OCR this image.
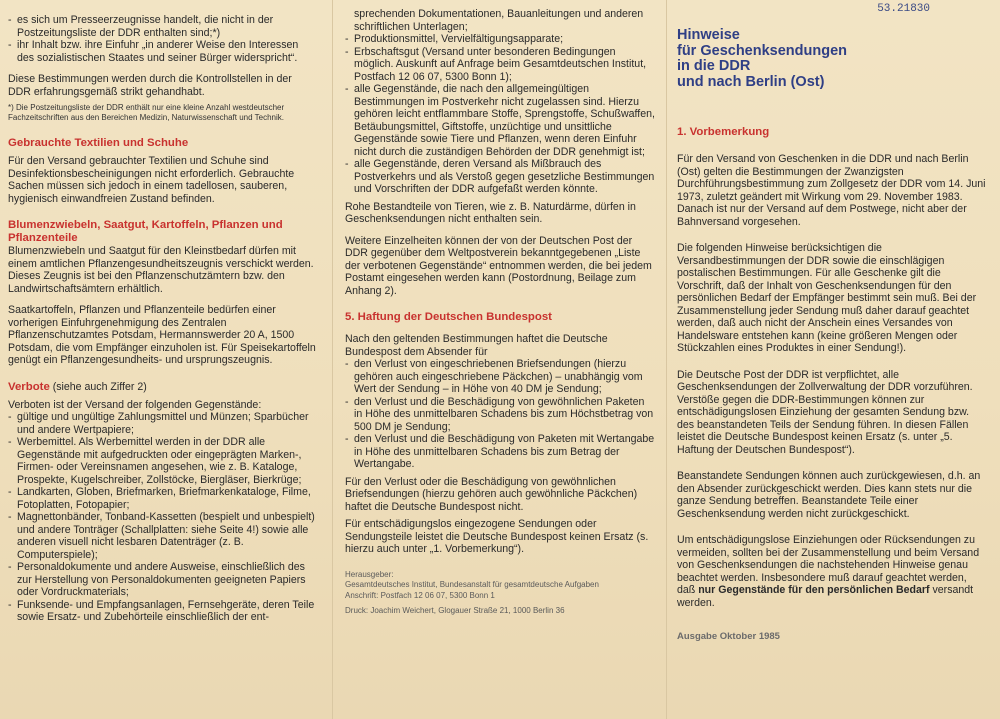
- es sich um Presseerzeugnisse handelt, die nicht in der Postzeitungsliste der DDR enthalten sind;*)
- ihr Inhalt bzw. ihre Einfuhr „in anderer Weise den Interessen des sozialistischen Staates und seiner Bürger widerspricht“.

Diese Bestimmungen werden durch die Kontrollstellen in der DDR erfahrungsgemäß strikt gehandhabt.

*) Die Postzeitungsliste der DDR enthält nur eine kleine Anzahl westdeutscher Fachzeitschriften aus den Bereichen Medizin, Naturwissenschaft und Technik.

Gebrauchte Textilien und Schuhe

Für den Versand gebrauchter Textilien und Schuhe sind Desinfektionsbescheinigungen nicht erforderlich. Gebrauchte Sachen müssen sich jedoch in einem tadellosen, sauberen, hygienisch einwandfreien Zustand befinden.

Blumenzwiebeln, Saatgut, Kartoffeln, Pflanzen und Pflanzenteile

Blumenzwiebeln und Saatgut für den Kleinstbedarf dürfen mit einem amtlichen Pflanzengesundheitszeugnis verschickt werden. Dieses Zeugnis ist bei den Pflanzenschutzämtern bzw. den Landwirtschaftsämtern erhältlich.

Saatkartoffeln, Pflanzen und Pflanzenteile bedürfen einer vorherigen Einfuhrgenehmigung des Zentralen Pflanzenschutzamtes Potsdam, Hermannswerder 20 A, 1500 Potsdam, die vom Empfänger einzuholen ist. Für Speisekartoffeln genügt ein Pflanzengesundheits- und ursprungszeugnis.

Verbote (siehe auch Ziffer 2)

Verboten ist der Versand der folgenden Gegenstände:

- gültige und ungültige Zahlungsmittel und Münzen; Sparbücher und andere Wertpapiere;
- Werbemittel. Als Werbemittel werden in der DDR alle Gegenstände mit aufgedruckten oder eingeprägten Marken-, Firmen- oder Vereinsnamen angesehen, wie z. B. Kataloge, Prospekte, Kugelschreiber, Zollstöcke, Biergläser, Bierkrüge;
- Landkarten, Globen, Briefmarken, Briefmarkenkataloge, Filme, Fotoplatten, Fotopapier;
- Magnettonbänder, Tonband-Kassetten (bespielt und unbespielt) und andere Tonträger (Schallplatten: siehe Seite 4!) sowie alle anderen visuell nicht lesbaren Datenträger (z. B. Computerspiele);
- Personaldokumente und andere Ausweise, einschließlich des zur Herstellung von Personaldokumenten geeigneten Papiers oder Vordruckmaterials;
- Funksende- und Empfangsanlagen, Fernsehgeräte, deren Teile sowie Ersatz- und Zubehörteile einschließlich der ent-

sprechenden Dokumentationen, Bauanleitungen und anderen schriftlichen Unterlagen;

- Produktionsmittel, Vervielfältigungsapparate;
- Erbschaftsgut (Versand unter besonderen Bedingungen möglich. Auskunft auf Anfrage beim Gesamtdeutschen Institut, Postfach 12 06 07, 5300 Bonn 1);
- alle Gegenstände, die nach den allgemeingültigen Bestimmungen im Postverkehr nicht zugelassen sind. Hierzu gehören leicht entflammbare Stoffe, Sprengstoffe, Schußwaffen, Betäubungsmittel, Giftstoffe, unzüchtige und unsittliche Gegenstände sowie Tiere und Pflanzen, wenn deren Einfuhr nicht durch die zuständigen Behörden der DDR genehmigt ist;
- alle Gegenstände, deren Versand als Mißbrauch des Postverkehrs und als Verstoß gegen gesetzliche Bestimmungen und Vorschriften der DDR aufgefaßt werden könnte.

Rohe Bestandteile von Tieren, wie z. B. Naturdärme, dürfen in Geschenksendungen nicht enthalten sein.

Weitere Einzelheiten können der von der Deutschen Post der DDR gegenüber dem Weltpostverein bekanntgegebenen „Liste der verbotenen Gegenstände“ entnommen werden, die bei jedem Postamt eingesehen werden kann (Postordnung, Beilage zum Anhang 2).

5. Haftung der Deutschen Bundespost

Nach den geltenden Bestimmungen haftet die Deutsche Bundespost dem Absender für

- den Verlust von eingeschriebenen Briefsendungen (hierzu gehören auch eingeschriebene Päckchen) – unabhängig vom Wert der Sendung – in Höhe von 40 DM je Sendung;
- den Verlust und die Beschädigung von gewöhnlichen Paketen in Höhe des unmittelbaren Schadens bis zum Höchstbetrag von 500 DM je Sendung;
- den Verlust und die Beschädigung von Paketen mit Wertangabe in Höhe des unmittelbaren Schadens bis zum Betrag der Wertangabe.

Für den Verlust oder die Beschädigung von gewöhnlichen Briefsendungen (hierzu gehören auch gewöhnliche Päckchen) haftet die Deutsche Bundespost nicht.

Für entschädigungslos eingezogene Sendungen oder Sendungsteile leistet die Deutsche Bundespost keinen Ersatz (s. hierzu auch unter „1. Vorbemerkung“).

Herausgeber:

Gesamtdeutsches Institut, Bundesanstalt für gesamtdeutsche Aufgaben

Anschrift: Postfach 12 06 07, 5300 Bonn 1

Druck: Joachim Weichert, Glogauer Straße 21, 1000 Berlin 36

53.21830

Hinweise

für Geschenksendungen

in die DDR

und nach Berlin (Ost)

1. Vorbemerkung

Für den Versand von Geschenken in die DDR und nach Berlin (Ost) gelten die Bestimmungen der Zwanzigsten Durchführungsbestimmung zum Zollgesetz der DDR vom 14. Juni 1973, zuletzt geändert mit Wirkung vom 29. November 1983. Danach ist nur der Versand auf dem Postwege, nicht aber der Bahnversand vorgesehen.

Die folgenden Hinweise berücksichtigen die Versandbestimmungen der DDR sowie die einschlägigen postalischen Bestimmungen. Für alle Geschenke gilt die Vorschrift, daß der Inhalt von Geschenksendungen für den persönlichen Bedarf der Empfänger bestimmt sein muß. Bei der Zusammenstellung jeder Sendung muß daher darauf geachtet werden, daß auch nicht der Anschein eines Versandes von Handelsware entstehen kann (keine größeren Mengen oder Stückzahlen eines Produktes in einer Sendung!).

Die Deutsche Post der DDR ist verpflichtet, alle Geschenksendungen der Zollverwaltung der DDR vorzuführen. Verstöße gegen die DDR-Bestimmungen können zur entschädigungslosen Einziehung der gesamten Sendung bzw. des beanstandeten Teils der Sendung führen. In diesen Fällen leistet die Deutsche Bundespost keinen Ersatz (s. unter „5. Haftung der Deutschen Bundespost“).

Beanstandete Sendungen können auch zurückgewiesen, d.h. an den Absender zurückgeschickt werden. Dies kann stets nur die ganze Sendung betreffen. Beanstandete Teile einer Geschenksendung werden nicht zurückgeschickt.

Um entschädigungslose Einziehungen oder Rücksendungen zu vermeiden, sollten bei der Zusammenstellung und beim Versand von Geschenksendungen die nachstehenden Hinweise genau beachtet werden. Insbesondere muß darauf geachtet werden, daß nur Gegenstände für den persönlichen Bedarf versandt werden.

Ausgabe Oktober 1985
